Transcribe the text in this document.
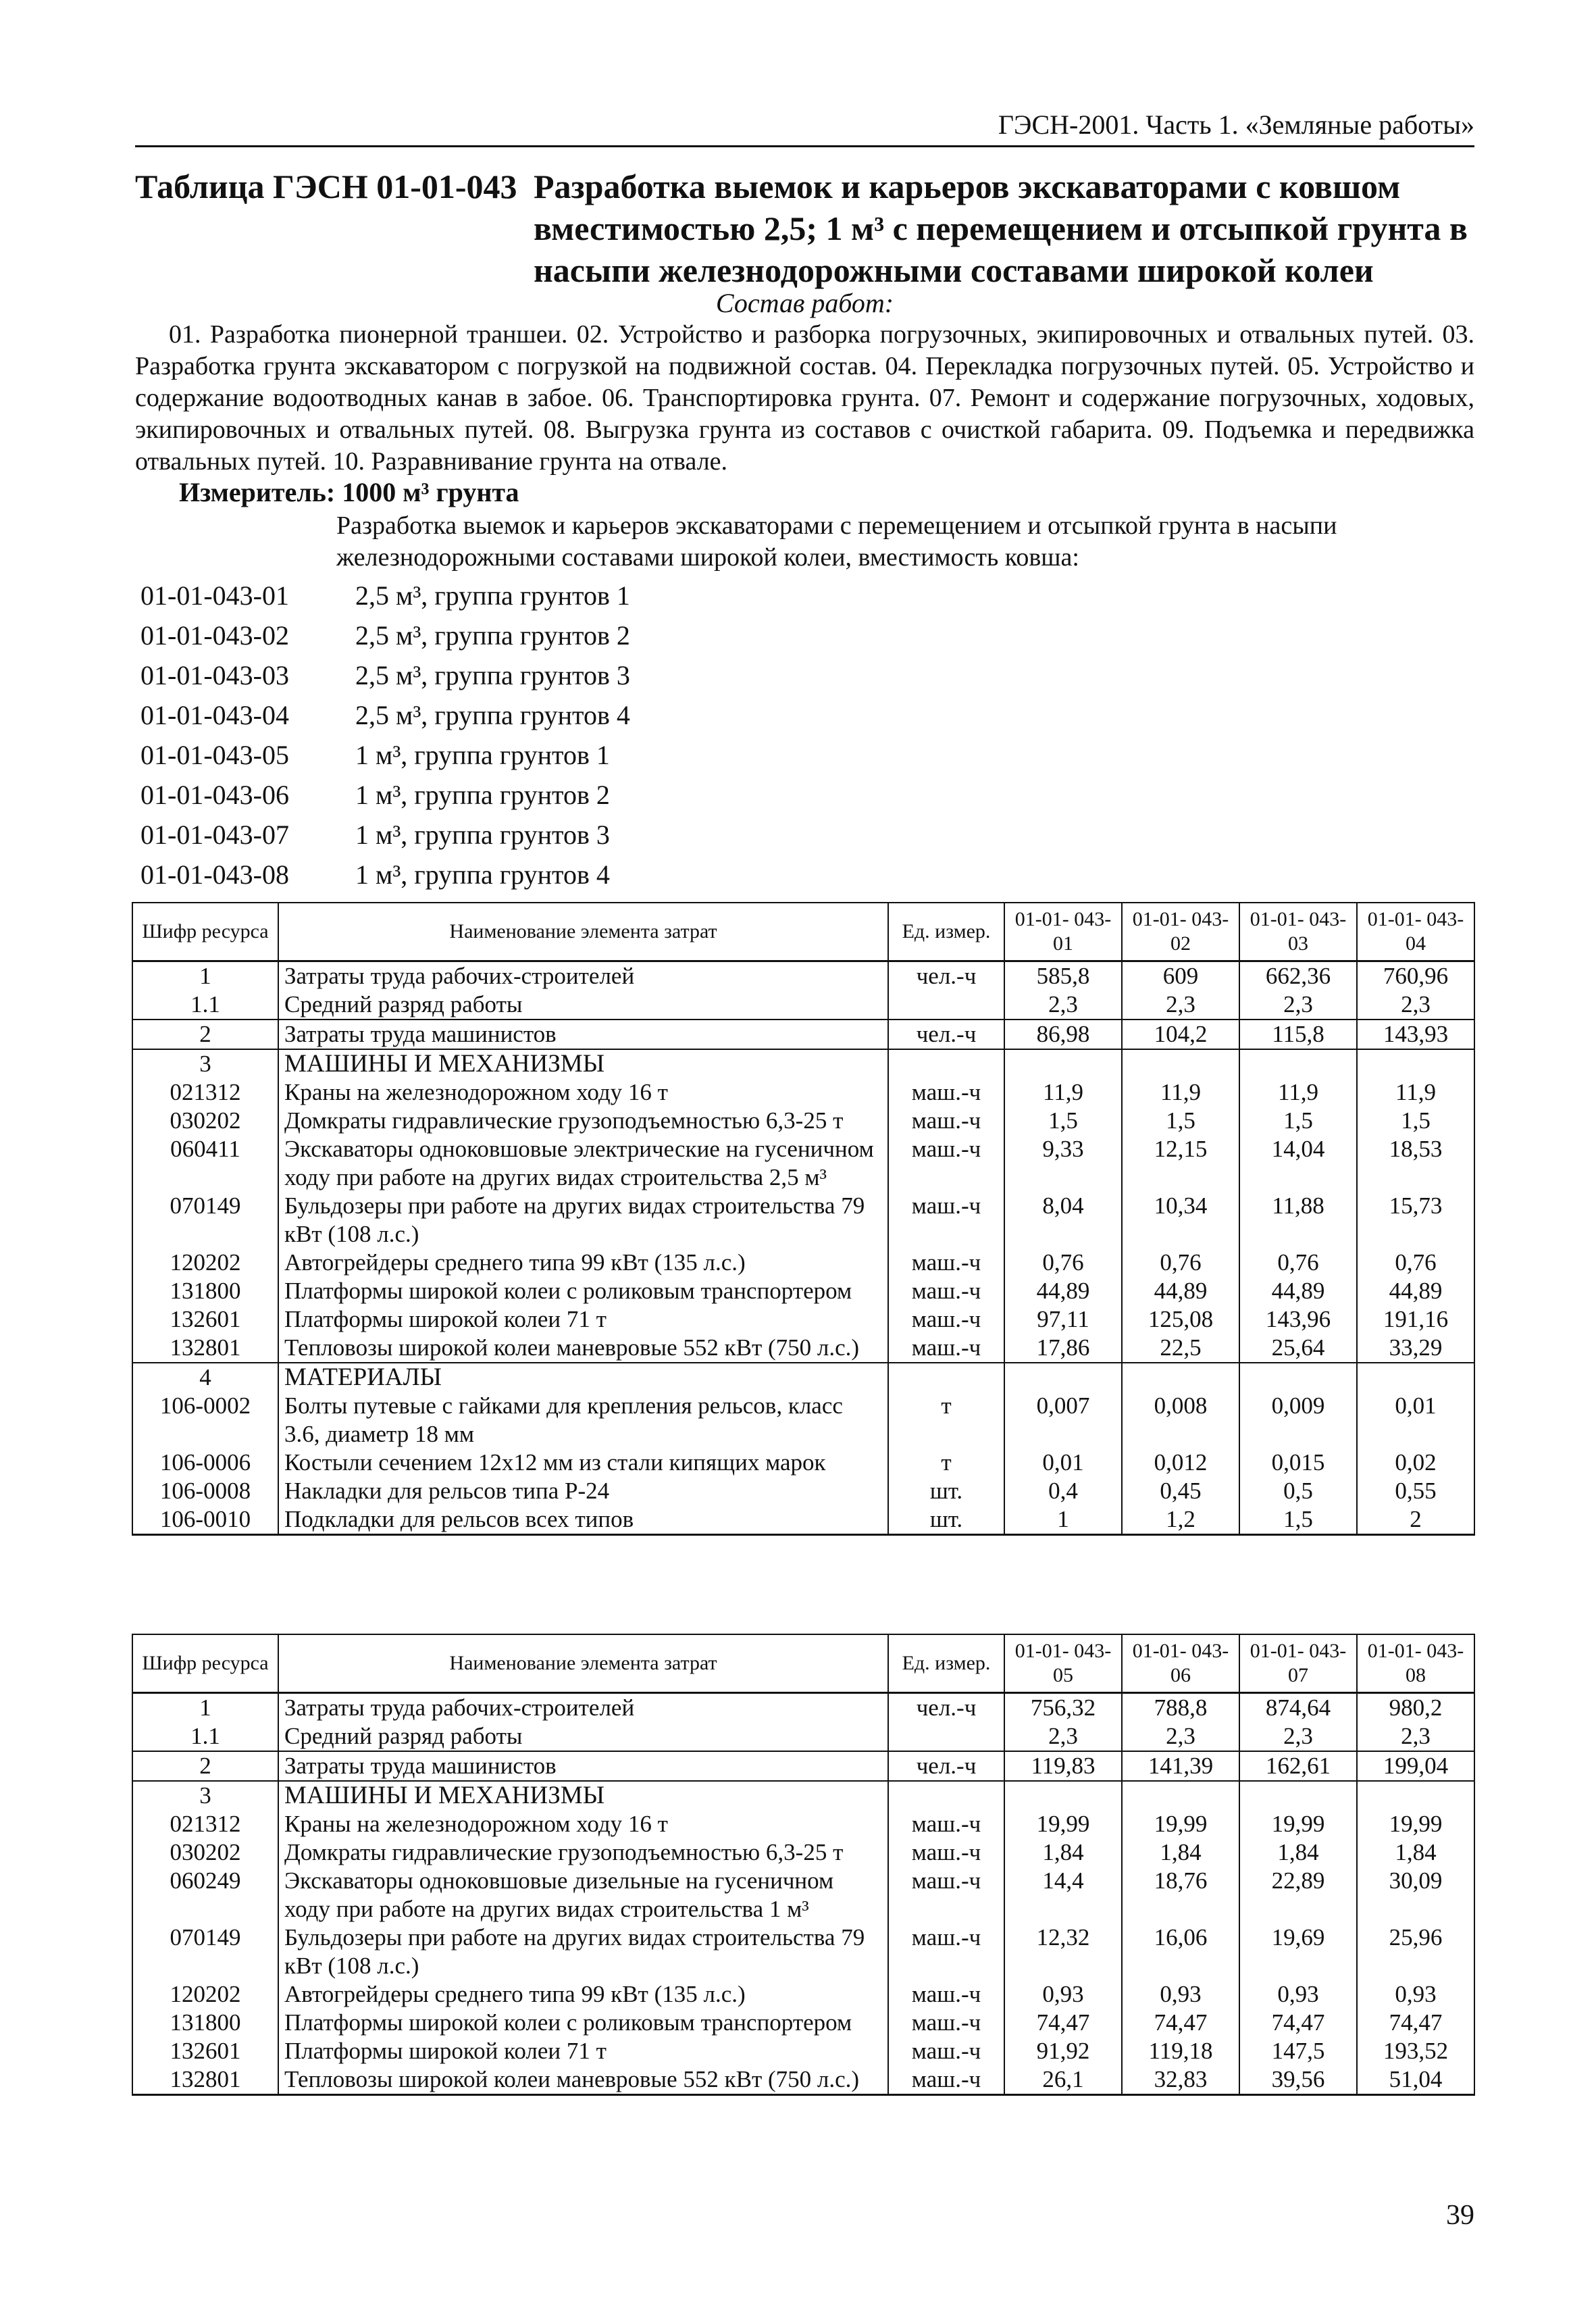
ГЭСН-2001. Часть 1. «Земляные работы»
Таблица ГЭСН 01-01-043 Разработка выемок и карьеров экскаваторами с ковшом вместимостью 2,5; 1 м³ с перемещением и отсыпкой грунта в насыпи железнодорожными составами широкой колеи
Состав работ:
01. Разработка пионерной траншеи. 02. Устройство и разборка погрузочных, экипировочных и отвальных путей. 03. Разработка грунта экскаватором с погрузкой на подвижной состав. 04. Перекладка погрузочных путей. 05. Устройство и содержание водоотводных канав в забое. 06. Транспортировка грунта. 07. Ремонт и содержание погрузочных, ходовых, экипировочных и отвальных путей. 08. Выгрузка грунта из составов с очисткой габарита. 09. Подъемка и передвижка отвальных путей. 10. Разравнивание грунта на отвале.
Измеритель: 1000 м³ грунта
Разработка выемок и карьеров экскаваторами с перемещением и отсыпкой грунта в насыпи железнодорожными составами широкой колеи, вместимость ковша:
01-01-043-01 2,5 м³, группа грунтов 1
01-01-043-02 2,5 м³, группа грунтов 2
01-01-043-03 2,5 м³, группа грунтов 3
01-01-043-04 2,5 м³, группа грунтов 4
01-01-043-05 1 м³, группа грунтов 1
01-01-043-06 1 м³, группа грунтов 2
01-01-043-07 1 м³, группа грунтов 3
01-01-043-08 1 м³, группа грунтов 4
Шифр ресурса	Наименование элемента затрат	Ед. измер.	01-01- 043-01	01-01- 043-02	01-01- 043-03	01-01- 043-04
1	Затраты труда рабочих-строителей	чел.-ч	585,8	609	662,36	760,96
1.1	Средний разряд работы		2,3	2,3	2,3	2,3
2	Затраты труда машинистов	чел.-ч	86,98	104,2	115,8	143,93
3	МАШИНЫ И МЕХАНИЗМЫ					
021312	Краны на железнодорожном ходу 16 т	маш.-ч	11,9	11,9	11,9	11,9
030202	Домкраты гидравлические грузоподъемностью 6,3-25 т	маш.-ч	1,5	1,5	1,5	1,5
060411	Экскаваторы одноковшовые электрические на гусеничном ходу при работе на других видах строительства 2,5 м³	маш.-ч	9,33	12,15	14,04	18,53
070149	Бульдозеры при работе на других видах строительства 79 кВт (108 л.с.)	маш.-ч	8,04	10,34	11,88	15,73
120202	Автогрейдеры среднего типа 99 кВт (135 л.с.)	маш.-ч	0,76	0,76	0,76	0,76
131800	Платформы широкой колеи с роликовым транспортером	маш.-ч	44,89	44,89	44,89	44,89
132601	Платформы широкой колеи 71 т	маш.-ч	97,11	125,08	143,96	191,16
132801	Тепловозы широкой колеи маневровые 552 кВт (750 л.с.)	маш.-ч	17,86	22,5	25,64	33,29
4	МАТЕРИАЛЫ					
106-0002	Болты путевые с гайками для крепления рельсов, класс 3.6, диаметр 18 мм	т	0,007	0,008	0,009	0,01
106-0006	Костыли сечением 12х12 мм из стали кипящих марок	т	0,01	0,012	0,015	0,02
106-0008	Накладки для рельсов типа Р-24	шт.	0,4	0,45	0,5	0,55
106-0010	Подкладки для рельсов всех типов	шт.	1	1,2	1,5	2
Шифр ресурса	Наименование элемента затрат	Ед. измер.	01-01- 043-05	01-01- 043-06	01-01- 043-07	01-01- 043-08
1	Затраты труда рабочих-строителей	чел.-ч	756,32	788,8	874,64	980,2
1.1	Средний разряд работы		2,3	2,3	2,3	2,3
2	Затраты труда машинистов	чел.-ч	119,83	141,39	162,61	199,04
3	МАШИНЫ И МЕХАНИЗМЫ					
021312	Краны на железнодорожном ходу 16 т	маш.-ч	19,99	19,99	19,99	19,99
030202	Домкраты гидравлические грузоподъемностью 6,3-25 т	маш.-ч	1,84	1,84	1,84	1,84
060249	Экскаваторы одноковшовые дизельные на гусеничном ходу при работе на других видах строительства 1 м³	маш.-ч	14,4	18,76	22,89	30,09
070149	Бульдозеры при работе на других видах строительства 79 кВт (108 л.с.)	маш.-ч	12,32	16,06	19,69	25,96
120202	Автогрейдеры среднего типа 99 кВт (135 л.с.)	маш.-ч	0,93	0,93	0,93	0,93
131800	Платформы широкой колеи с роликовым транспортером	маш.-ч	74,47	74,47	74,47	74,47
132601	Платформы широкой колеи 71 т	маш.-ч	91,92	119,18	147,5	193,52
132801	Тепловозы широкой колеи маневровые 552 кВт (750 л.с.)	маш.-ч	26,1	32,83	39,56	51,04
39
